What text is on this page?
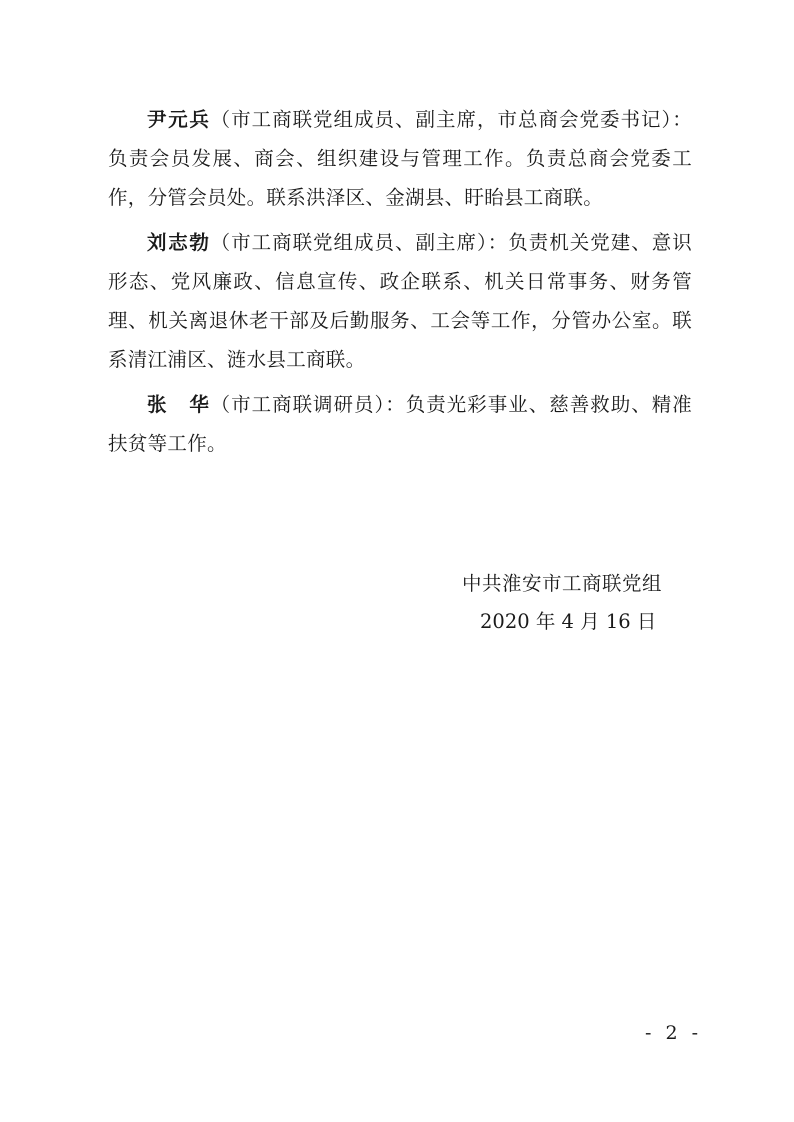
尹元兵（市工商联党组成员、副主席，市总商会党委书记）：负责会员发展、商会、组织建设与管理工作。负责总商会党委工作，分管会员处。联系洪泽区、金湖县、盱眙县工商联。

刘志勃（市工商联党组成员、副主席）：负责机关党建、意识形态、党风廉政、信息宣传、政企联系、机关日常事务、财务管理、机关离退休老干部及后勤服务、工会等工作，分管办公室。联系清江浦区、涟水县工商联。

张　华（市工商联调研员）：负责光彩事业、慈善救助、精准扶贫等工作。

中共淮安市工商联党组
2020 年 4 月 16 日
- 2 -
